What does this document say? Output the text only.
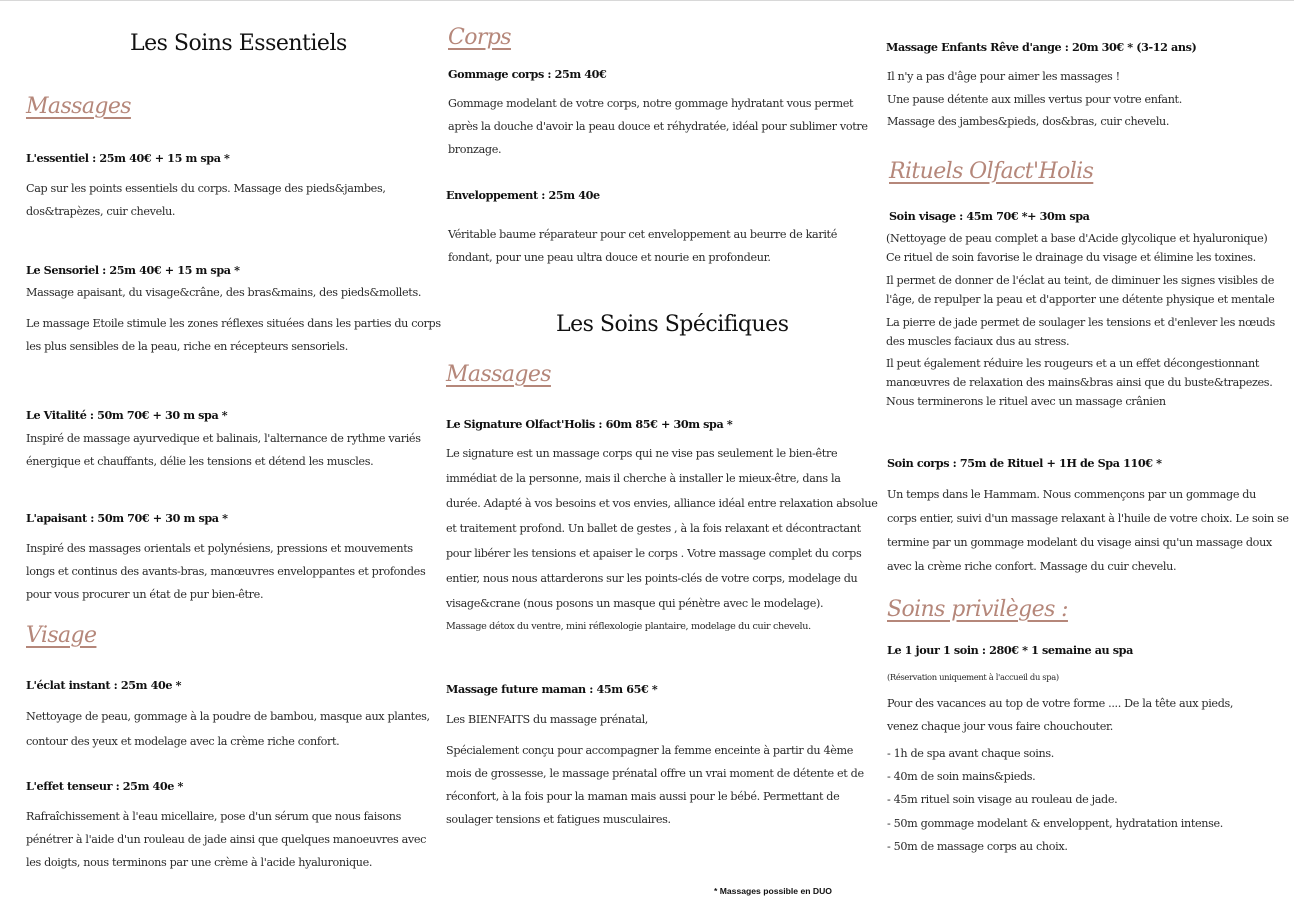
Les Soins Essentiels
Massages
L'essentiel : 25m 40€ + 15 m spa *
Cap sur les points essentiels du corps. Massage des pieds&jambes,
dos&trapèzes, cuir chevelu.
Le Sensoriel : 25m 40€ + 15 m spa *
Massage apaisant, du visage&crâne, des bras&mains, des pieds&mollets.
Le massage Etoile stimule les zones réflexes situées dans les parties du corps
les plus sensibles de la peau, riche en récepteurs sensoriels.
Le Vitalité : 50m 70€ + 30 m spa *
Inspiré de massage ayurvedique et balinais, l'alternance de rythme variés
énergique et chauffants, délie les tensions et détend les muscles.
L'apaisant : 50m 70€ + 30 m spa *
Inspiré des massages orientals et polynésiens, pressions et mouvements
longs et continus des avants-bras, manœuvres enveloppantes et profondes
pour vous procurer un état de pur bien-être.
Visage
L'éclat instant : 25m 40e *
Nettoyage de peau, gommage à la poudre de bambou, masque aux plantes,
contour des yeux et modelage avec la crème riche confort.
L'effet tenseur : 25m 40e *
Rafraîchissement à l'eau micellaire, pose d'un sérum que nous faisons
pénétrer à l'aide d'un rouleau de jade ainsi que quelques manoeuvres avec
les doigts, nous terminons par une crème à l'acide hyaluronique.
Corps
Gommage corps : 25m 40€
Gommage modelant de votre corps, notre gommage hydratant vous permet
après la douche d'avoir la peau douce et réhydratée, idéal pour sublimer votre
bronzage.
Enveloppement : 25m 40e
Véritable baume réparateur pour cet enveloppement au beurre de karité
fondant, pour une peau ultra douce et nourie en profondeur.
Les Soins Spécifiques
Massages
Le Signature Olfact'Holis : 60m 85€ + 30m spa *
Le signature est un massage corps qui ne vise pas seulement le bien-être
immédiat de la personne, mais il cherche à installer le mieux-être, dans la
durée. Adapté à vos besoins et vos envies, alliance idéal entre relaxation absolue
et traitement profond. Un ballet de gestes , à la fois relaxant et décontractant
pour libérer les tensions et apaiser le corps . Votre massage complet du corps
entier, nous nous attarderons sur les points-clés de votre corps, modelage du
visage&crane (nous posons un masque qui pénètre avec le modelage).
Massage détox du ventre, mini réflexologie plantaire, modelage du cuir chevelu.
Massage future maman : 45m 65€ *
Les BIENFAITS du massage prénatal,
Spécialement conçu pour accompagner la femme enceinte à partir du 4ème
mois de grossesse, le massage prénatal offre un vrai moment de détente et de
réconfort, à la fois pour la maman mais aussi pour le bébé. Permettant de
soulager tensions et fatigues musculaires.
* Massages possible en DUO
Massage Enfants Rêve d'ange : 20m 30€ * (3-12 ans)
Il n'y a pas d'âge pour aimer les massages !
Une pause détente aux milles vertus pour votre enfant.
Massage des jambes&pieds, dos&bras, cuir chevelu.
Rituels Olfact'Holis
Soin visage : 45m 70€ *+ 30m spa
(Nettoyage de peau complet a base d'Acide glycolique et hyaluronique)
Ce rituel de soin favorise le drainage du visage et élimine les toxines.
Il permet de donner de l'éclat au teint, de diminuer les signes visibles de
l'âge, de repulper la peau et d'apporter une détente physique et mentale
La pierre de jade permet de soulager les tensions et d'enlever les nœuds
des muscles faciaux dus au stress.
Il peut également réduire les rougeurs et a un effet décongestionnant
manœuvres de relaxation des mains&bras ainsi que du buste&trapezes.
Nous terminerons le rituel avec un massage crânien
Soin corps : 75m de Rituel + 1H de Spa 110€ *
Un temps dans le Hammam. Nous commençons par un gommage du
corps entier, suivi d'un massage relaxant à l'huile de votre choix. Le soin se
termine par un gommage modelant du visage ainsi qu'un massage doux
avec la crème riche confort. Massage du cuir chevelu.
Soins privilèges :
Le 1 jour 1 soin : 280€ * 1 semaine au spa
(Réservation uniquement à l'accueil du spa)
Pour des vacances au top de votre forme .... De la tête aux pieds,
venez chaque jour vous faire chouchouter.
- 1h de spa avant chaque soins.
- 40m de soin mains&pieds.
- 45m rituel soin visage au rouleau de jade.
- 50m gommage modelant & enveloppent, hydratation intense.
- 50m de massage corps au choix.
